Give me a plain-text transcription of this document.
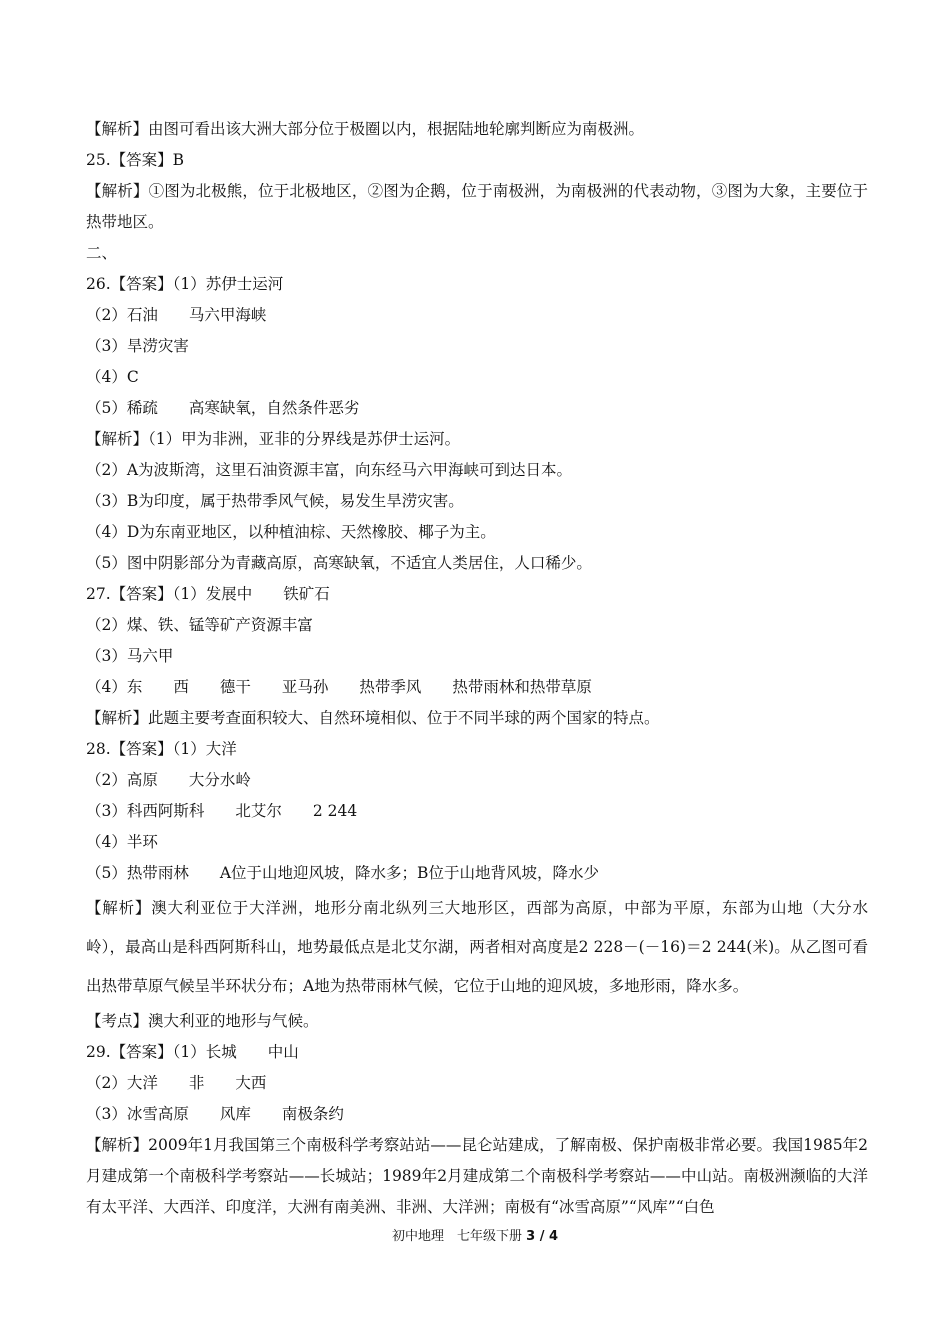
【解析】由图可看出该大洲大部分位于极圈以内，根据陆地轮廓判断应为南极洲。
25.【答案】B
【解析】①图为北极熊，位于北极地区，②图为企鹅，位于南极洲，为南极洲的代表动物，③图为大象，主要位于热带地区。
二、
26.【答案】（1）苏伊士运河
（2）石油　　马六甲海峡
（3）旱涝灾害
（4）C
（5）稀疏　　高寒缺氧，自然条件恶劣
【解析】（1）甲为非洲，亚非的分界线是苏伊士运河。
（2）A为波斯湾，这里石油资源丰富，向东经马六甲海峡可到达日本。
（3）B为印度，属于热带季风气候，易发生旱涝灾害。
（4）D为东南亚地区，以种植油棕、天然橡胶、椰子为主。
（5）图中阴影部分为青藏高原，高寒缺氧，不适宜人类居住，人口稀少。
27.【答案】（1）发展中　　铁矿石
（2）煤、铁、锰等矿产资源丰富
（3）马六甲
（4）东　　西　　德干　　亚马孙　　热带季风　　热带雨林和热带草原
【解析】此题主要考查面积较大、自然环境相似、位于不同半球的两个国家的特点。
28.【答案】（1）大洋
（2）高原　　大分水岭
（3）科西阿斯科　　北艾尔　　2 244
（4）半环
（5）热带雨林　　A位于山地迎风坡，降水多；B位于山地背风坡，降水少
【解析】澳大利亚位于大洋洲，地形分南北纵列三大地形区，西部为高原，中部为平原，东部为山地（大分水岭），最高山是科西阿斯科山，地势最低点是北艾尔湖，两者相对高度是2 228－(－16)＝2 244(米)。从乙图可看出热带草原气候呈半环状分布；A地为热带雨林气候，它位于山地的迎风坡，多地形雨，降水多。
【考点】澳大利亚的地形与气候。
29.【答案】（1）长城　　中山
（2）大洋　　非　　大西
（3）冰雪高原　　风库　　南极条约
【解析】2009年1月我国第三个南极科学考察站站——昆仑站建成，了解南极、保护南极非常必要。我国1985年2月建成第一个南极科学考察站——长城站；1989年2月建成第二个南极科学考察站——中山站。南极洲濒临的大洋有太平洋、大西洋、印度洋，大洲有南美洲、非洲、大洋洲；南极有“冰雪高原”“风库”“白色
初中地理　七年级下册 3 / 4
